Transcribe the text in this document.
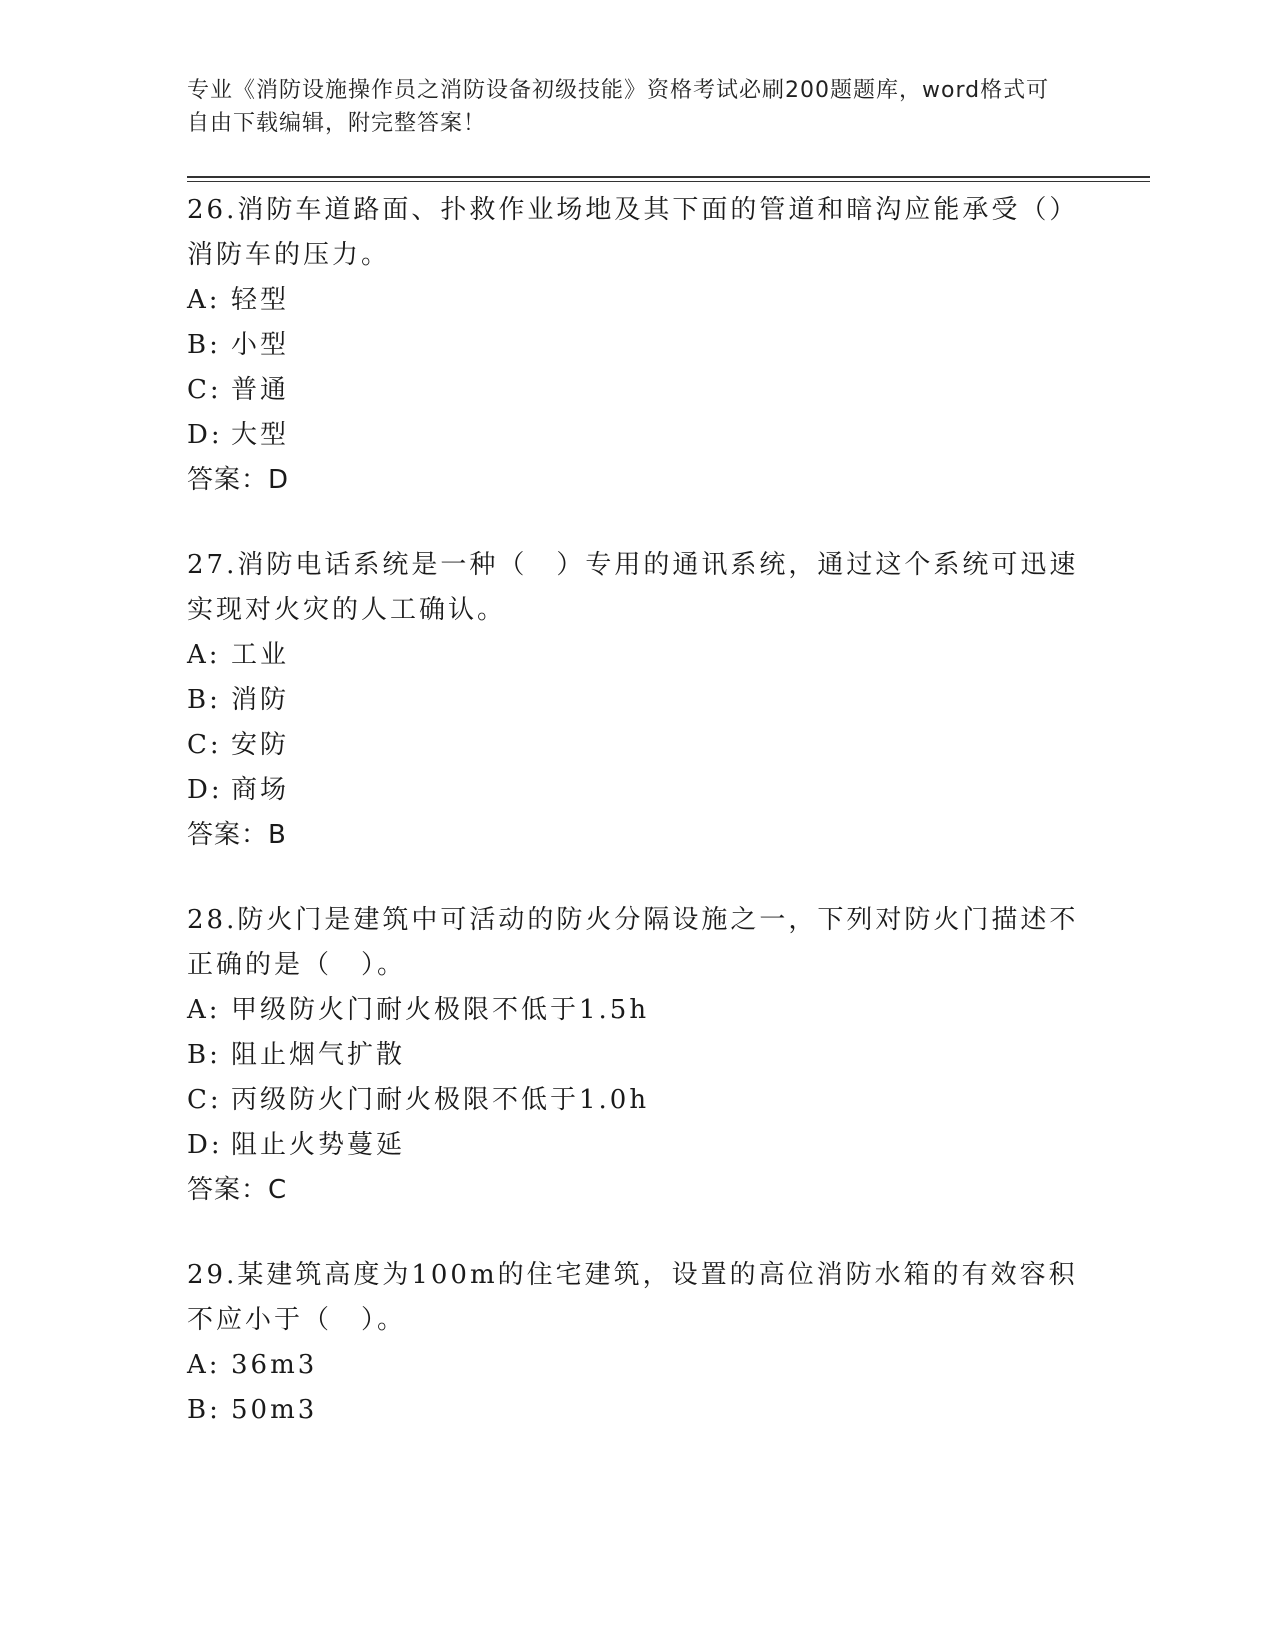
专业《消防设施操作员之消防设备初级技能》资格考试必刷200题题库，word格式可自由下载编辑，附完整答案！

26.消防车道路面、扑救作业场地及其下面的管道和暗沟应能承受（）消防车的压力。

A: 轻型
B: 小型
C: 普通
D: 大型

答案：D

27.消防电话系统是一种（　）专用的通讯系统，通过这个系统可迅速实现对火灾的人工确认。

A: 工业
B: 消防
C: 安防
D: 商场

答案：B

28.防火门是建筑中可活动的防火分隔设施之一，下列对防火门描述不正确的是（　）。

A: 甲级防火门耐火极限不低于1.5h
B: 阻止烟气扩散
C: 丙级防火门耐火极限不低于1.0h
D: 阻止火势蔓延

答案：C

29.某建筑高度为100m的住宅建筑，设置的高位消防水箱的有效容积不应小于（　）。

A: 36m3
B: 50m3
